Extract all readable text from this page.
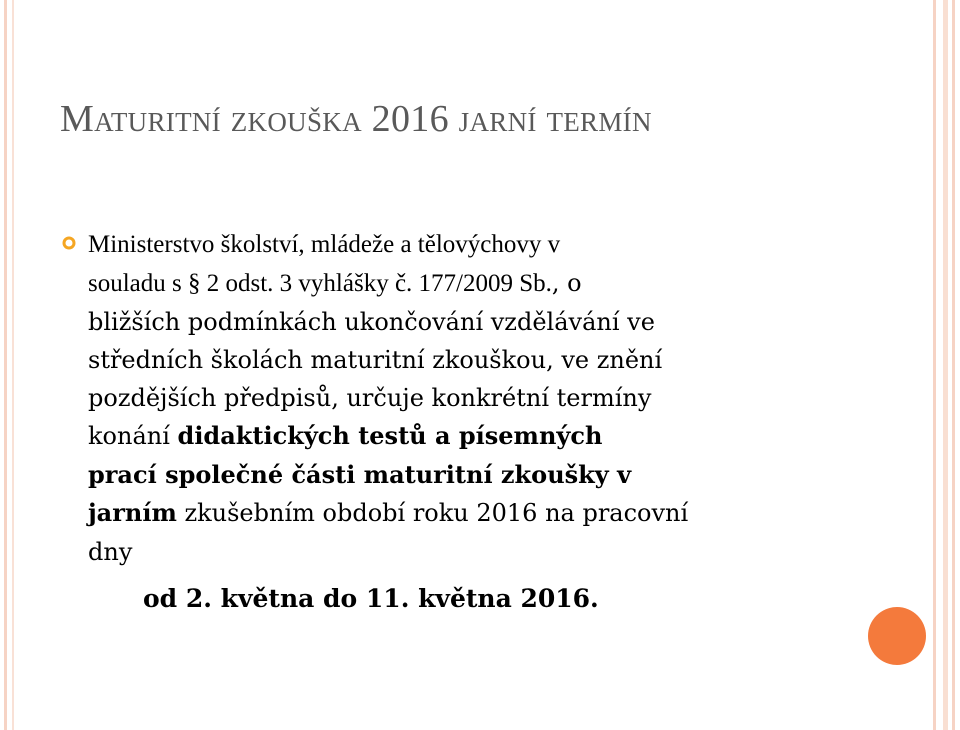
Maturitní zkouška 2016 jarní termín
Ministerstvo školství, mládeže a tělovýchovy v
souladu s § 2 odst. 3 vyhlášky č. 177/2009 Sb., o
bližších podmínkách ukončování vzdělávání ve
středních školách maturitní zkouškou, ve znění
pozdějších předpisů, určuje konkrétní termíny
konání didaktických testů a písemných
prací společné části maturitní zkoušky v
jarním zkušebním období roku 2016 na pracovní
dny
od 2. května do 11. května 2016.
